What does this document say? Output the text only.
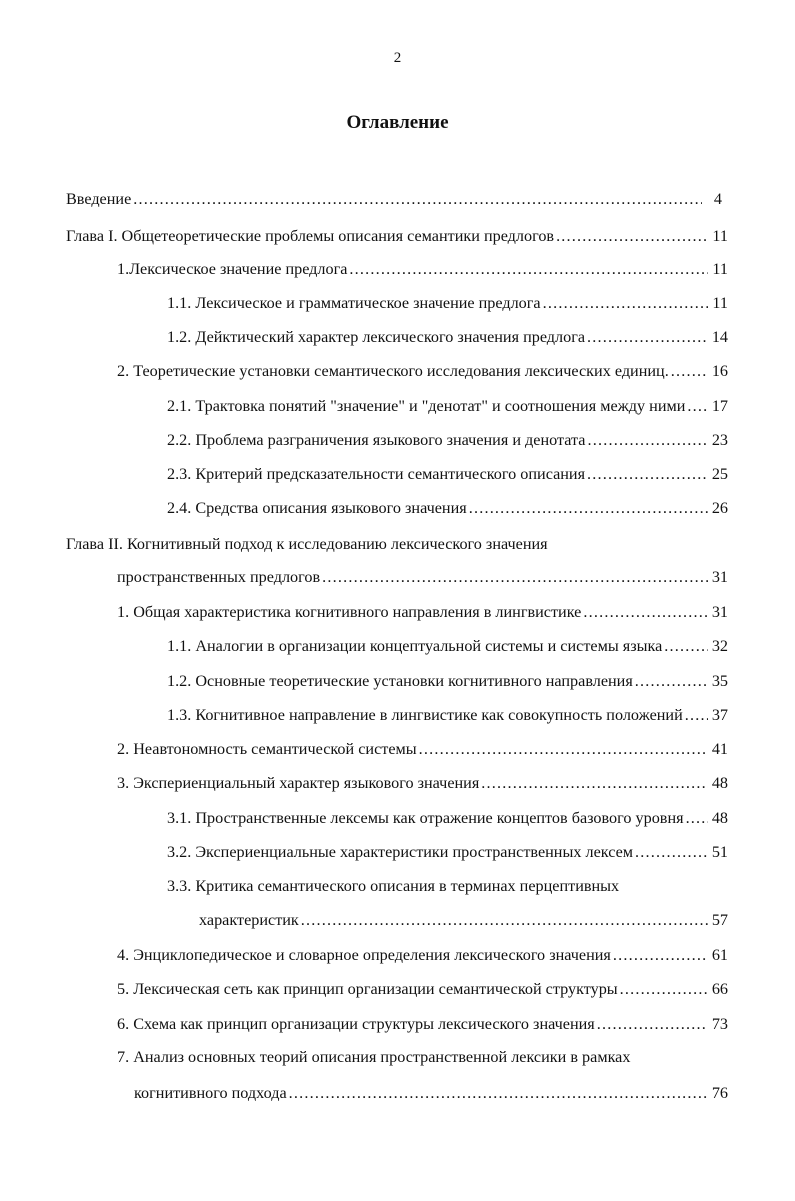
2
Оглавление
Введение .....	4
Глава I. Общетеоретические проблемы описания семантики предлогов .....	11
1.Лексическое значение предлога .....	11
1.1. Лексическое и грамматическое значение предлога .....	11
1.2. Дейктический характер лексического значения предлога .....	14
2. Теоретические установки семантического исследования лексических единиц. .....	16
2.1. Трактовка понятий "значение" и "денотат" и соотношения между ними ..... 17
2.2. Проблема разграничения языкового значения и денотата .....	23
2.3. Критерий предсказательности семантического описания .....	25
2.4. Средства описания языкового значения .....	26
Глава II. Когнитивный подход к исследованию лексического значения
пространственных предлогов .....	31
1. Общая характеристика когнитивного направления в лингвистике .....	31
1.1. Аналогии в организации концептуальной системы и системы языка .....	32
1.2. Основные теоретические установки когнитивного направления .....	35
1.3. Когнитивное направление в лингвистике как совокупность положений ..... 37
2. Неавтономность семантической системы .....	41
3. Экспериенциальный характер языкового значения .....	48
3.1. Пространственные лексемы как отражение концептов базового уровня ..... 48
3.2. Экспериенциальные характеристики пространственных лексем .....	51
3.3. Критика семантического описания в терминах перцептивных
характеристик .....	57
4. Энциклопедическое и словарное определения лексического значения .....	61
5. Лексическая сеть как принцип организации семантической структуры .....	66
6. Схема как принцип организации структуры лексического значения .....	73
7. Анализ основных теорий описания пространственной лексики в рамках
когнитивного подхода .....	76
